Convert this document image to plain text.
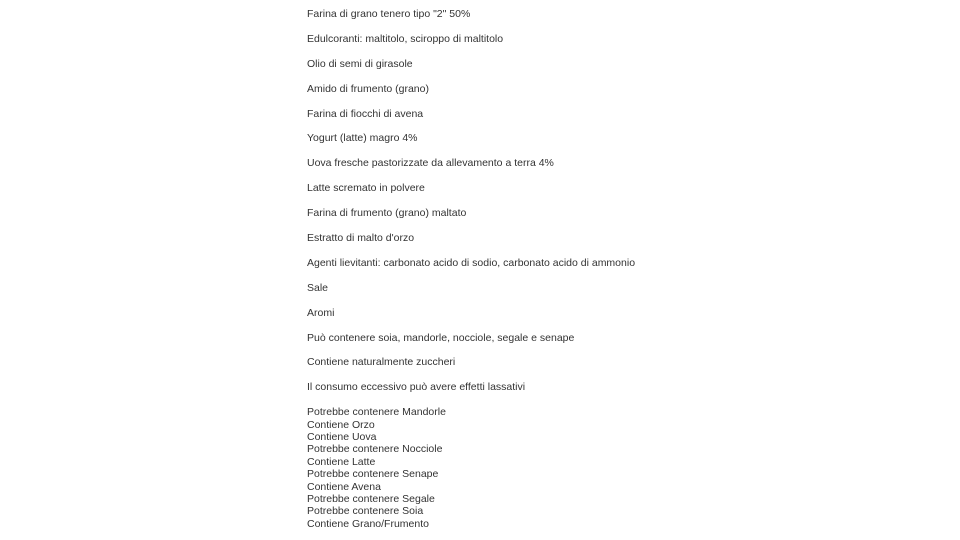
Farina di grano tenero tipo "2" 50%
Edulcoranti: maltitolo, sciroppo di maltitolo
Olio di semi di girasole
Amido di frumento (grano)
Farina di fiocchi di avena
Yogurt (latte) magro 4%
Uova fresche pastorizzate da allevamento a terra 4%
Latte scremato in polvere
Farina di frumento (grano) maltato
Estratto di malto d'orzo
Agenti lievitanti: carbonato acido di sodio, carbonato acido di ammonio
Sale
Aromi
Può contenere soia, mandorle, nocciole, segale e senape
Contiene naturalmente zuccheri
Il consumo eccessivo può avere effetti lassativi
Potrebbe contenere Mandorle
Contiene Orzo
Contiene Uova
Potrebbe contenere Nocciole
Contiene Latte
Potrebbe contenere Senape
Contiene Avena
Potrebbe contenere Segale
Potrebbe contenere Soia
Contiene Grano/Frumento
